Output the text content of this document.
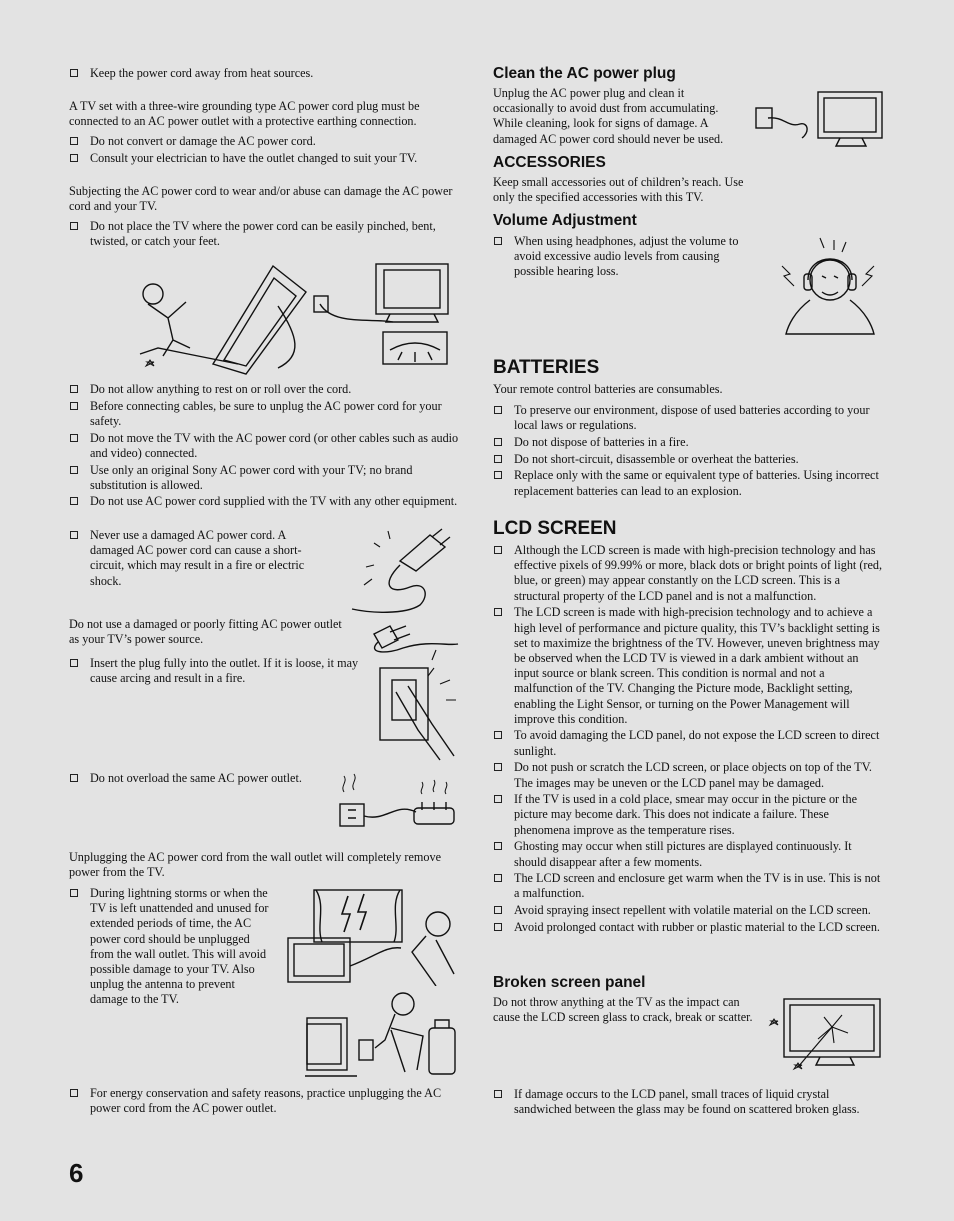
Keep the power cord away from heat sources.

A TV set with a three-wire grounding type AC power cord plug must be connected to an AC power outlet with a protective earthing connection.

Do not convert or damage the AC power cord.
Consult your electrician to have the outlet changed to suit your TV.

Subjecting the AC power cord to wear and/or abuse can damage the AC power cord and your TV.

Do not place the TV where the power cord can be easily pinched, bent, twisted, or catch your feet.
Do not allow anything to rest on or roll over the cord.
Before connecting cables, be sure to unplug the AC power cord for your safety.
Do not move the TV with the AC power cord (or other cables such as audio and video) connected.
Use only an original Sony AC power cord with your TV; no brand substitution is allowed.
Do not use AC power cord supplied with the TV with any other equipment.
Never use a damaged AC power cord. A damaged AC power cord can cause a short-circuit, which may result in a fire or electric shock.

Do not use a damaged or poorly fitting AC power outlet as your TV’s power source.

Insert the plug fully into the outlet. If it is loose, it may cause arcing and result in a fire.
Do not overload the same AC power outlet.

Unplugging the AC power cord from the wall outlet will completely remove power from the TV.

During lightning storms or when the TV is left unattended and unused for extended periods of time, the AC power cord should be unplugged from the wall outlet. This will avoid possible damage to your TV. Also unplug the antenna to prevent damage to the TV.
For energy conservation and safety reasons, practice unplugging the AC power cord from the AC power outlet.
Clean the AC power plug

Unplug the AC power plug and clean it occasionally to avoid dust from accumulating. While cleaning, look for signs of damage. A damaged AC power cord should never be used.

ACCESSORIES

Keep small accessories out of children’s reach. Use only the specified accessories with this TV.

Volume Adjustment
When using headphones, adjust the volume to avoid excessive audio levels from causing possible hearing loss.
BATTERIES

Your remote control batteries are consumables.

To preserve our environment, dispose of used batteries according to your local laws or regulations.
Do not dispose of batteries in a fire.
Do not short-circuit, disassemble or overheat the batteries.
Replace only with the same or equivalent type of batteries. Using incorrect replacement batteries can lead to an explosion.
LCD SCREEN
Although the LCD screen is made with high-precision technology and has effective pixels of 99.99% or more, black dots or bright points of light (red, blue, or green) may appear constantly on the LCD screen. This is a structural property of the LCD panel and is not a malfunction.
The LCD screen is made with high-precision technology and to achieve a high level of performance and picture quality, this TV’s backlight setting is set to maximize the brightness of the TV. However, uneven brightness may be observed when the LCD TV is viewed in a dark ambient without an input source or blank screen. This condition is normal and not a malfunction of the TV. Changing the Picture mode, Backlight setting, enabling the Light Sensor, or turning on the Power Management will improve this condition.
To avoid damaging the LCD panel, do not expose the LCD screen to direct sunlight.
Do not push or scratch the LCD screen, or place objects on top of the TV. The images may be uneven or the LCD panel may be damaged.
If the TV is used in a cold place, smear may occur in the picture or the picture may become dark. This does not indicate a failure. These phenomena improve as the temperature rises.
Ghosting may occur when still pictures are displayed continuously. It should disappear after a few moments.
The LCD screen and enclosure get warm when the TV is in use. This is not a malfunction.
Avoid spraying insect repellent with volatile material on the LCD screen.
Avoid prolonged contact with rubber or plastic material to the LCD screen.
Broken screen panel

Do not throw anything at the TV as the impact can cause the LCD screen glass to crack, break or scatter.

If damage occurs to the LCD panel, small traces of liquid crystal sandwiched between the glass may be found on scattered broken glass.
6
